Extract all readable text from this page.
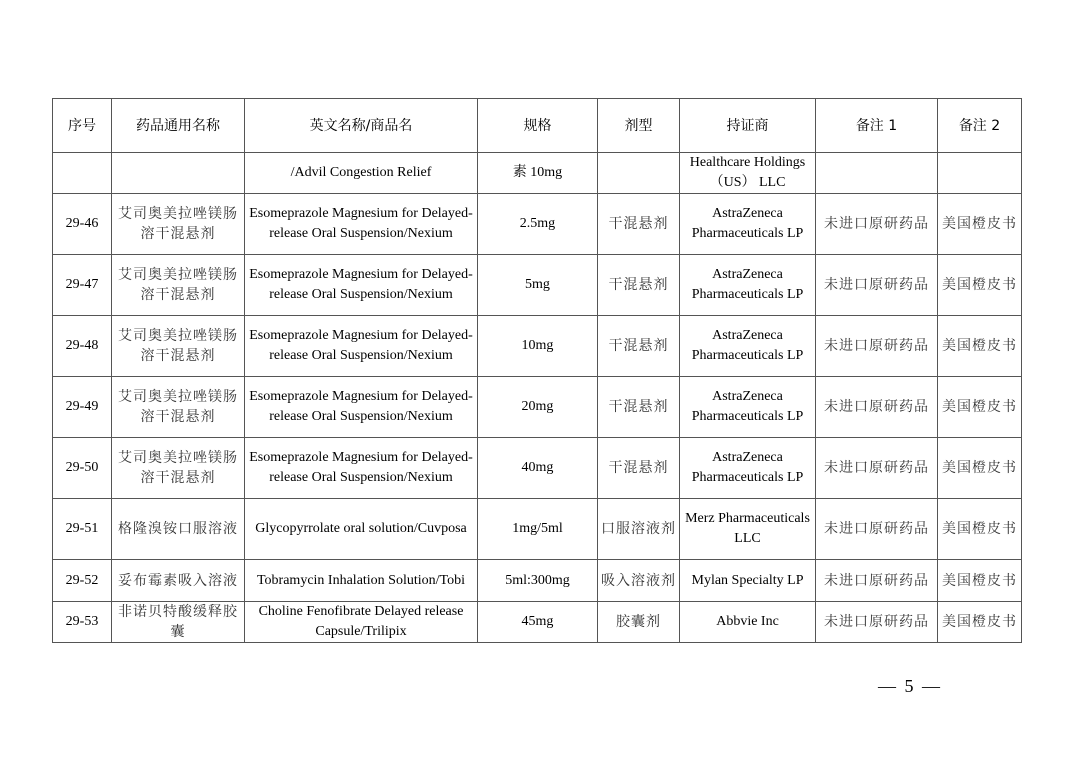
序号	药品通用名称	英文名称/商品名	规格	剂型	持证商	备注 1	备注 2
		/Advil Congestion Relief	素 10mg		Healthcare Holdings （US） LLC		
29-46	艾司奥美拉唑镁肠溶干混悬剂	Esomeprazole Magnesium for Delayed-release Oral Suspension/Nexium	2.5mg	干混悬剂	AstraZeneca Pharmaceuticals LP	未进口原研药品	美国橙皮书
29-47	艾司奥美拉唑镁肠溶干混悬剂	Esomeprazole Magnesium for Delayed-release Oral Suspension/Nexium	5mg	干混悬剂	AstraZeneca Pharmaceuticals LP	未进口原研药品	美国橙皮书
29-48	艾司奥美拉唑镁肠溶干混悬剂	Esomeprazole Magnesium for Delayed-release Oral Suspension/Nexium	10mg	干混悬剂	AstraZeneca Pharmaceuticals LP	未进口原研药品	美国橙皮书
29-49	艾司奥美拉唑镁肠溶干混悬剂	Esomeprazole Magnesium for Delayed-release Oral Suspension/Nexium	20mg	干混悬剂	AstraZeneca Pharmaceuticals LP	未进口原研药品	美国橙皮书
29-50	艾司奥美拉唑镁肠溶干混悬剂	Esomeprazole Magnesium for Delayed-release Oral Suspension/Nexium	40mg	干混悬剂	AstraZeneca Pharmaceuticals LP	未进口原研药品	美国橙皮书
29-51	格隆溴铵口服溶液	Glycopyrrolate oral solution/Cuvposa	1mg/5ml	口服溶液剂	Merz Pharmaceuticals LLC	未进口原研药品	美国橙皮书
29-52	妥布霉素吸入溶液	Tobramycin Inhalation Solution/Tobi	5ml:300mg	吸入溶液剂	Mylan Specialty LP	未进口原研药品	美国橙皮书
29-53	非诺贝特酸缓释胶囊	Choline Fenofibrate Delayed release Capsule/Trilipix	45mg	胶囊剂	Abbvie Inc	未进口原研药品	美国橙皮书
— 5 —
